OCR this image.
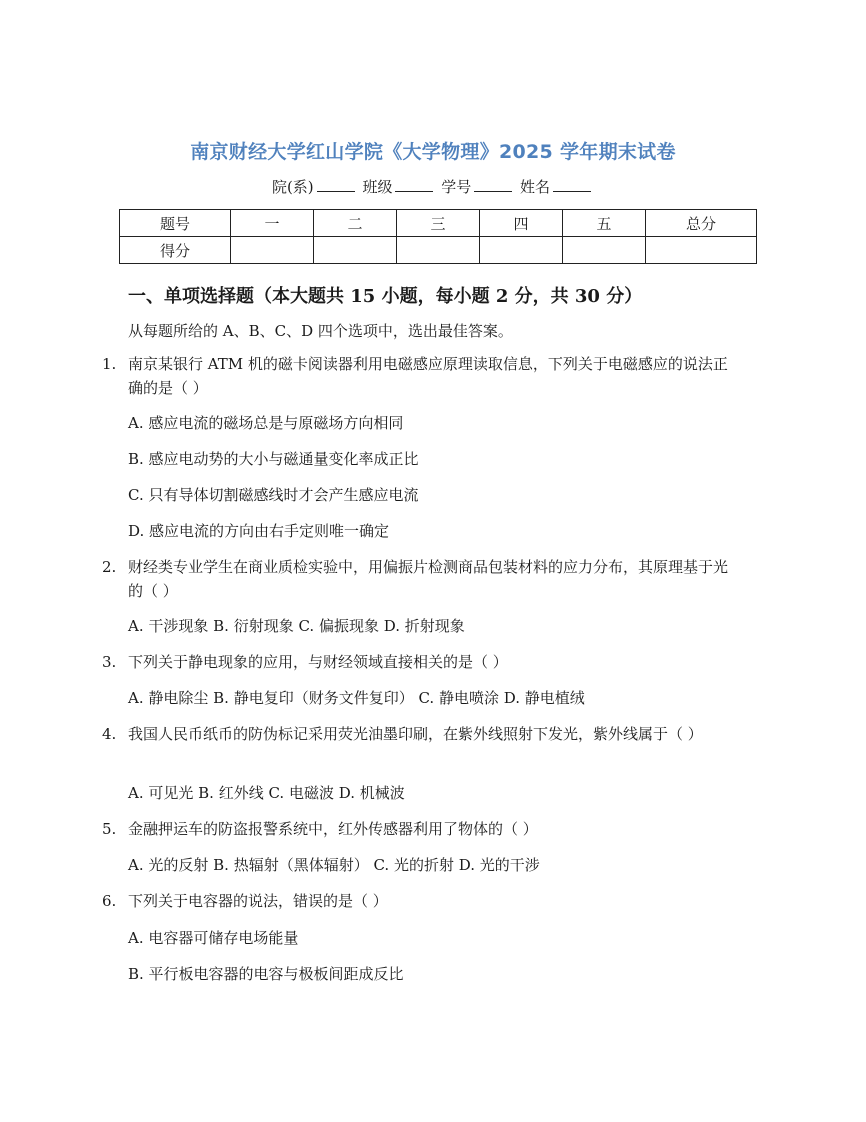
南京财经大学红山学院《大学物理》2025 学年期末试卷
院(系)	班级	学号	姓名
题号	一	二	三	四	五	总分
得分						
一、单项选择题（本大题共 15 小题，每小题 2 分，共 30 分）
从每题所给的 A、B、C、D 四个选项中，选出最佳答案。
1. 南京某银行 ATM 机的磁卡阅读器利用电磁感应原理读取信息，下列关于电磁感应的说法正确的是（ ）
A. 感应电流的磁场总是与原磁场方向相同
B. 感应电动势的大小与磁通量变化率成正比
C. 只有导体切割磁感线时才会产生感应电流
D. 感应电流的方向由右手定则唯一确定
2. 财经类专业学生在商业质检实验中，用偏振片检测商品包装材料的应力分布，其原理基于光的（ ）
A. 干涉现象 B. 衍射现象 C. 偏振现象 D. 折射现象
3. 下列关于静电现象的应用，与财经领域直接相关的是（ ）
A. 静电除尘 B. 静电复印（财务文件复印） C. 静电喷涂 D. 静电植绒
4. 我国人民币纸币的防伪标记采用荧光油墨印刷，在紫外线照射下发光，紫外线属于（ ）
A. 可见光 B. 红外线 C. 电磁波 D. 机械波
5. 金融押运车的防盗报警系统中，红外传感器利用了物体的（ ）
A. 光的反射 B. 热辐射（黑体辐射） C. 光的折射 D. 光的干涉
6. 下列关于电容器的说法，错误的是（ ）
A. 电容器可储存电场能量
B. 平行板电容器的电容与极板间距成反比
